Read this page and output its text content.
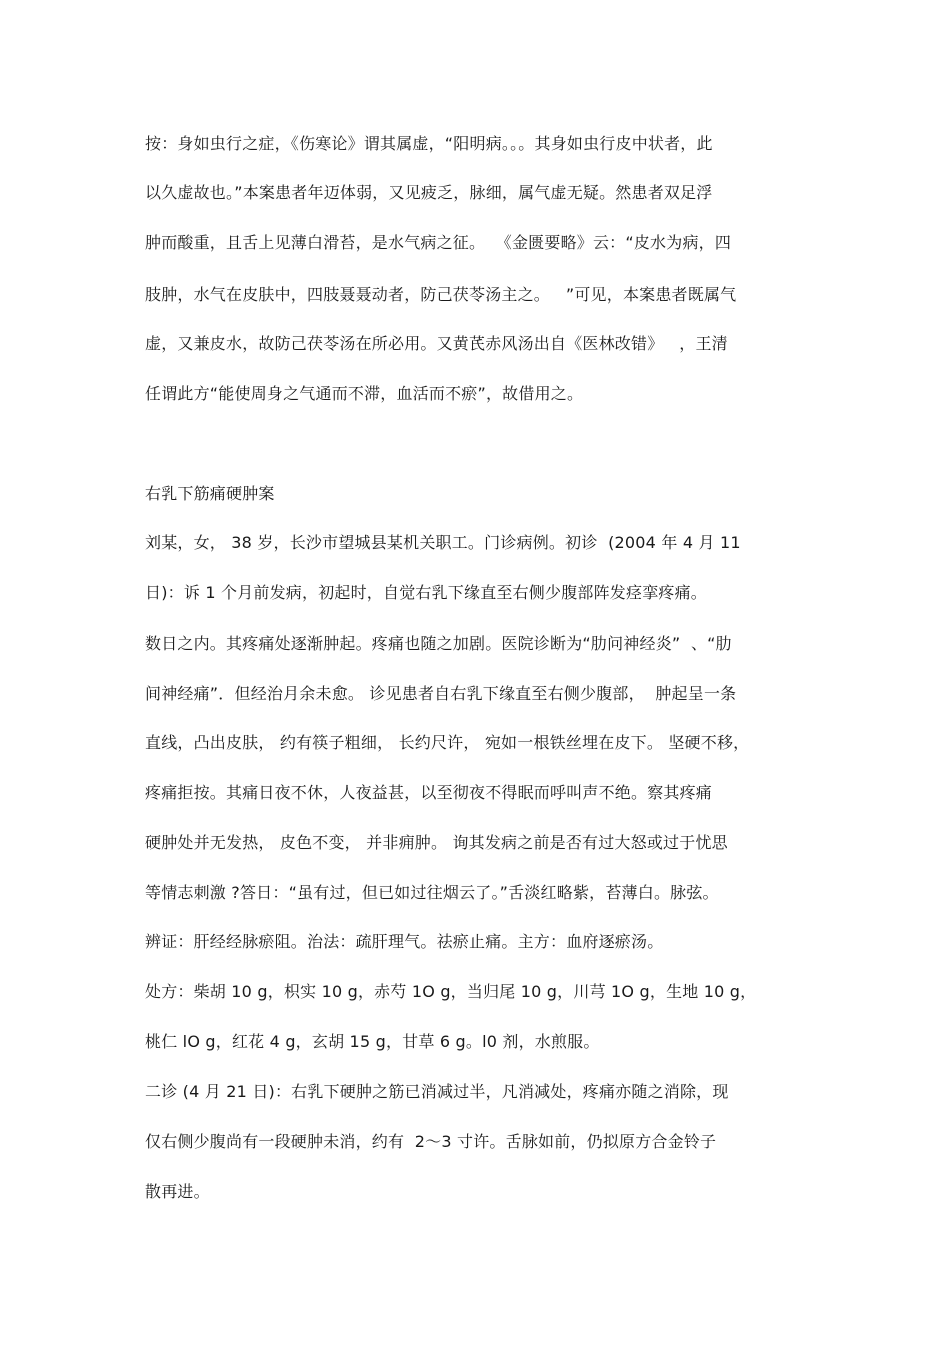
按：身如虫行之症，《伤寒论》谓其属虚，“阳明病。。。其身如虫行皮中状者，此
以久虚故也。”本案患者年迈体弱，又见疲乏，脉细，属气虚无疑。然患者双足浮
肿而酸重，且舌上见薄白滑苔，是水气病之征。  《金匮要略》云：“皮水为病，四
肢肿，水气在皮肤中，四肢聂聂动者，防己茯苓汤主之。   ”可见，本案患者既属气
虚，又兼皮水，故防己茯苓汤在所必用。又黄芪赤风汤出自《医林改错》   ，王清
任谓此方“能使周身之气通而不滞，血活而不瘀”，故借用之。
右乳下筋痛硬肿案
刘某，女， 38 岁，长沙市望城县某机关职工。门诊病例。初诊  (2004 年 4 月 11
日)：诉 1 个月前发病，初起时，自觉右乳下缘直至右侧少腹部阵发痉挛疼痛。
数日之内。其疼痛处逐渐肿起。疼痛也随之加剧。医院诊断为“肋问神经炎”  、“肋
间神经痛”．但经治月余未愈。 诊见患者自右乳下缘直至右侧少腹部，  肿起呈一条
直线，凸出皮肤， 约有筷子粗细， 长约尺许， 宛如一根铁丝埋在皮下。 坚硬不移，
疼痛拒按。其痛日夜不休，人夜益甚，以至彻夜不得眠而呼叫声不绝。察其疼痛
硬肿处并无发热， 皮色不变， 并非痈肿。 询其发病之前是否有过大怒或过于忧思
等情志刺激 ?答日：“虽有过，但已如过往烟云了。”舌淡红略紫，苔薄白。脉弦。
辨证：肝经经脉瘀阻。治法：疏肝理气。祛瘀止痛。主方：血府逐瘀汤。
处方：柴胡 10 g，枳实 10 g，赤芍 1O g，当归尾 10 g，川芎 1O g，生地 10 g，
桃仁 lO g，红花 4 g，玄胡 15 g，甘草 6 g。l0 剂，水煎服。
二诊 (4 月 21 日)：右乳下硬肿之筋已消减过半，凡消减处，疼痛亦随之消除，现
仅右侧少腹尚有一段硬肿未消，约有  2～3 寸许。舌脉如前，仍拟原方合金铃子
散再进。
